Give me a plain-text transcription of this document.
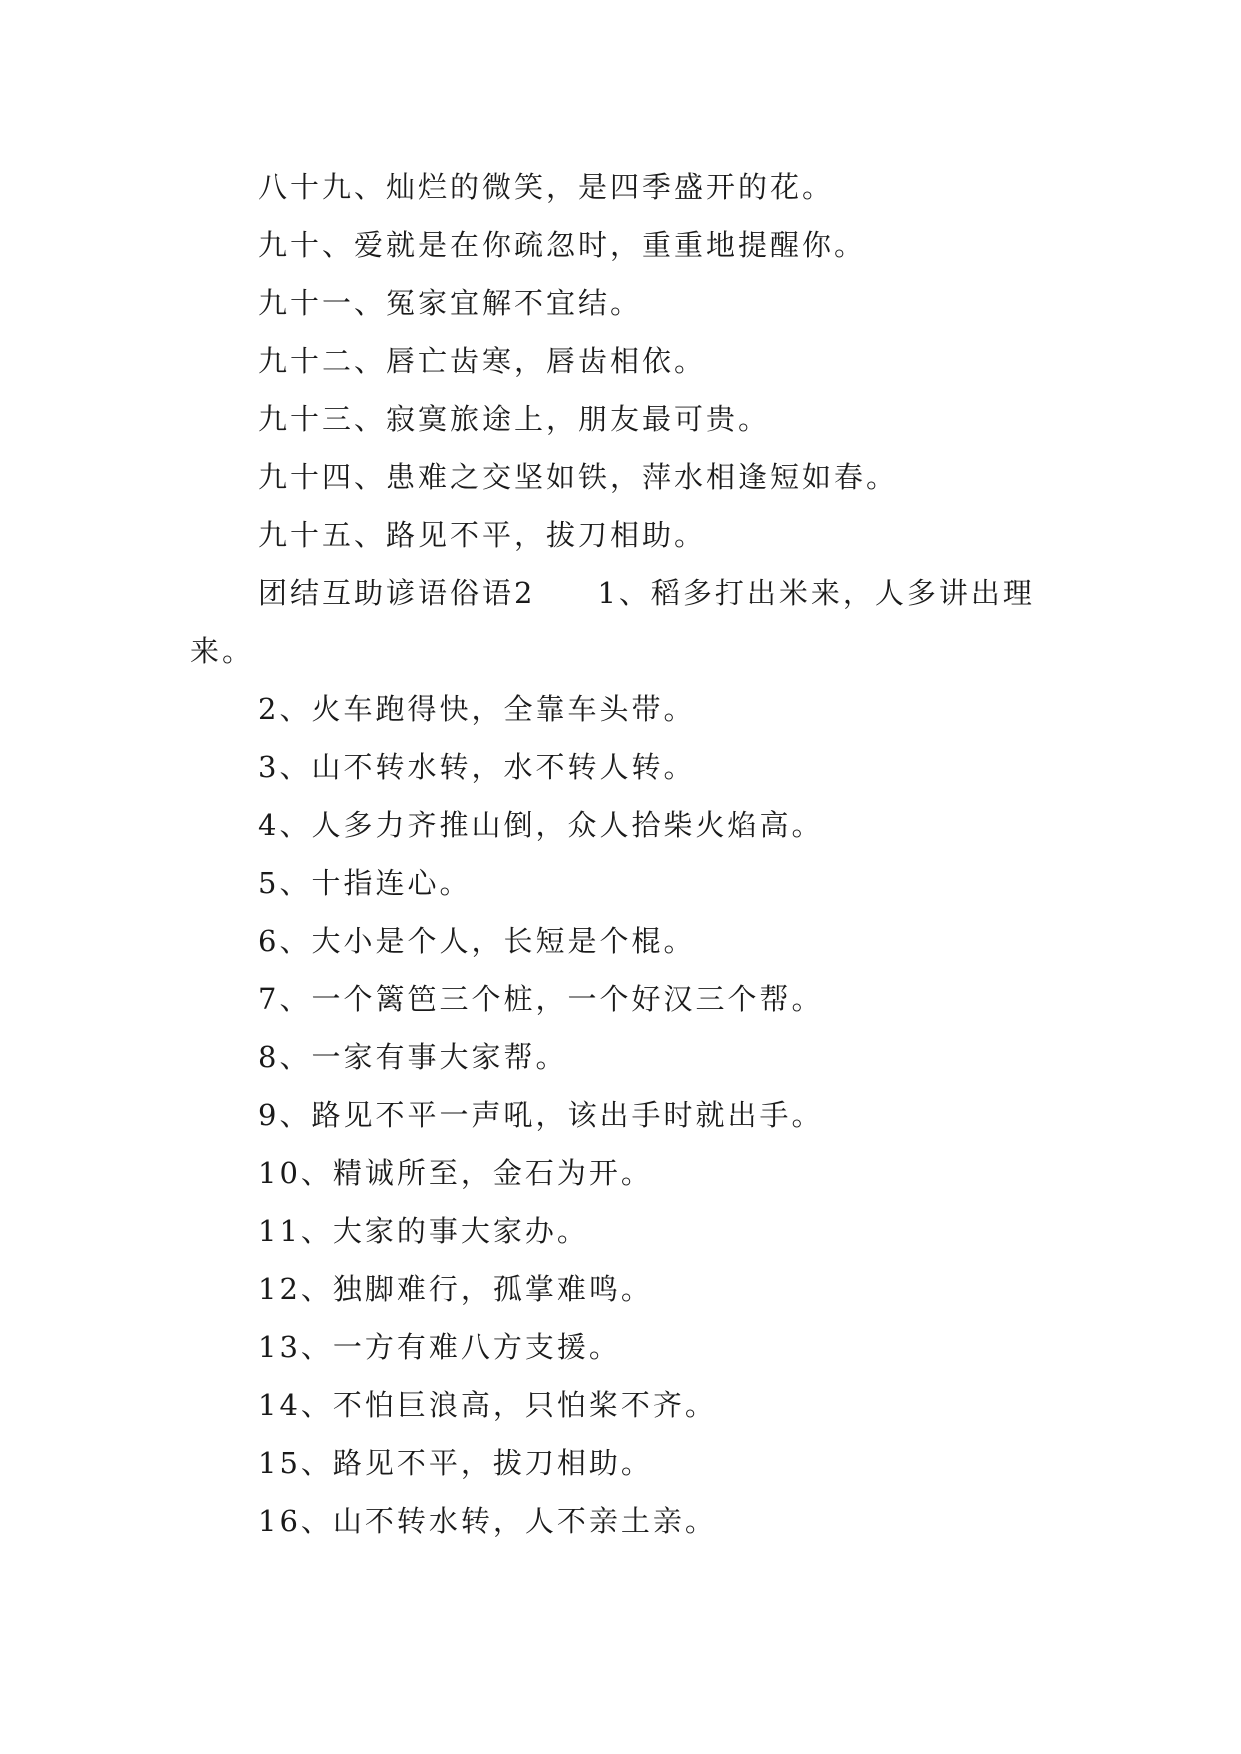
八十九、灿烂的微笑，是四季盛开的花。
九十、爱就是在你疏忽时，重重地提醒你。
九十一、冤家宜解不宜结。
九十二、唇亡齿寒，唇齿相依。
九十三、寂寞旅途上，朋友最可贵。
九十四、患难之交坚如铁，萍水相逢短如春。
九十五、路见不平，拔刀相助。
团结互助谚语俗语2 1、稻多打出米来，人多讲出理来。
2、火车跑得快，全靠车头带。
3、山不转水转，水不转人转。
4、人多力齐推山倒，众人拾柴火焰高。
5、十指连心。
6、大小是个人，长短是个棍。
7、一个篱笆三个桩，一个好汉三个帮。
8、一家有事大家帮。
9、路见不平一声吼，该出手时就出手。
10、精诚所至，金石为开。
11、大家的事大家办。
12、独脚难行，孤掌难鸣。
13、一方有难八方支援。
14、不怕巨浪高，只怕桨不齐。
15、路见不平，拔刀相助。
16、山不转水转，人不亲土亲。
